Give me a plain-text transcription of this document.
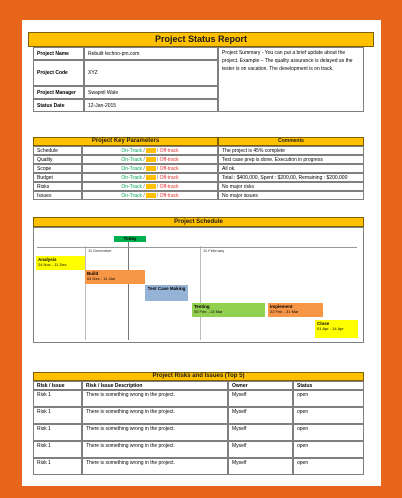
Project Status Report
Project Name	Rebuilt techno-pm.com
Project Code	XYZ
Project Manager	Swapnil Wale
Status Date	12-Jan-2015
Project Summary - You can put a brief update about the project. Example – The quality assurance is delayed as the tester is on vacation. The development is on track.
Project Key Parameters	Comments
Schedule	On-Track / / Off-track	The project is 45% complete
Quality	On-Track / / Off-track	Test case prep is done. Execution in progress
Scope	On-Track / / Off-track	All ok.
Budget	On-Track / / Off-track	Total : $400,000, Spent : $200,00, Remaining : $200,000
Risks	On-Track / / Off-track	No major risks
Issues	On-Track / / Off-track	No major issues
Project Schedule
Today
11 December	11 February
Analysis
24 Nov - 11 Dec
Build
04 Dec - 11 Jan
Test Case Making
Testing
05 Feb - 13 Mar
Implement
22 Feb - 31 Mar
Close
01 Apr - 14 Apr
Project Risks and Issues (Top 5)
Risk / Issue	Risk / Issue Description	Owner	Status
Risk 1	There is something wrong in the project.	Myself	open
Risk 1	There is something wrong in the project.	Myself	open
Risk 1	There is something wrong in the project.	Myself	open
Risk 1	There is something wrong in the project.	Myself	open
Risk 1	There is something wrong in the project.	Myself	open
